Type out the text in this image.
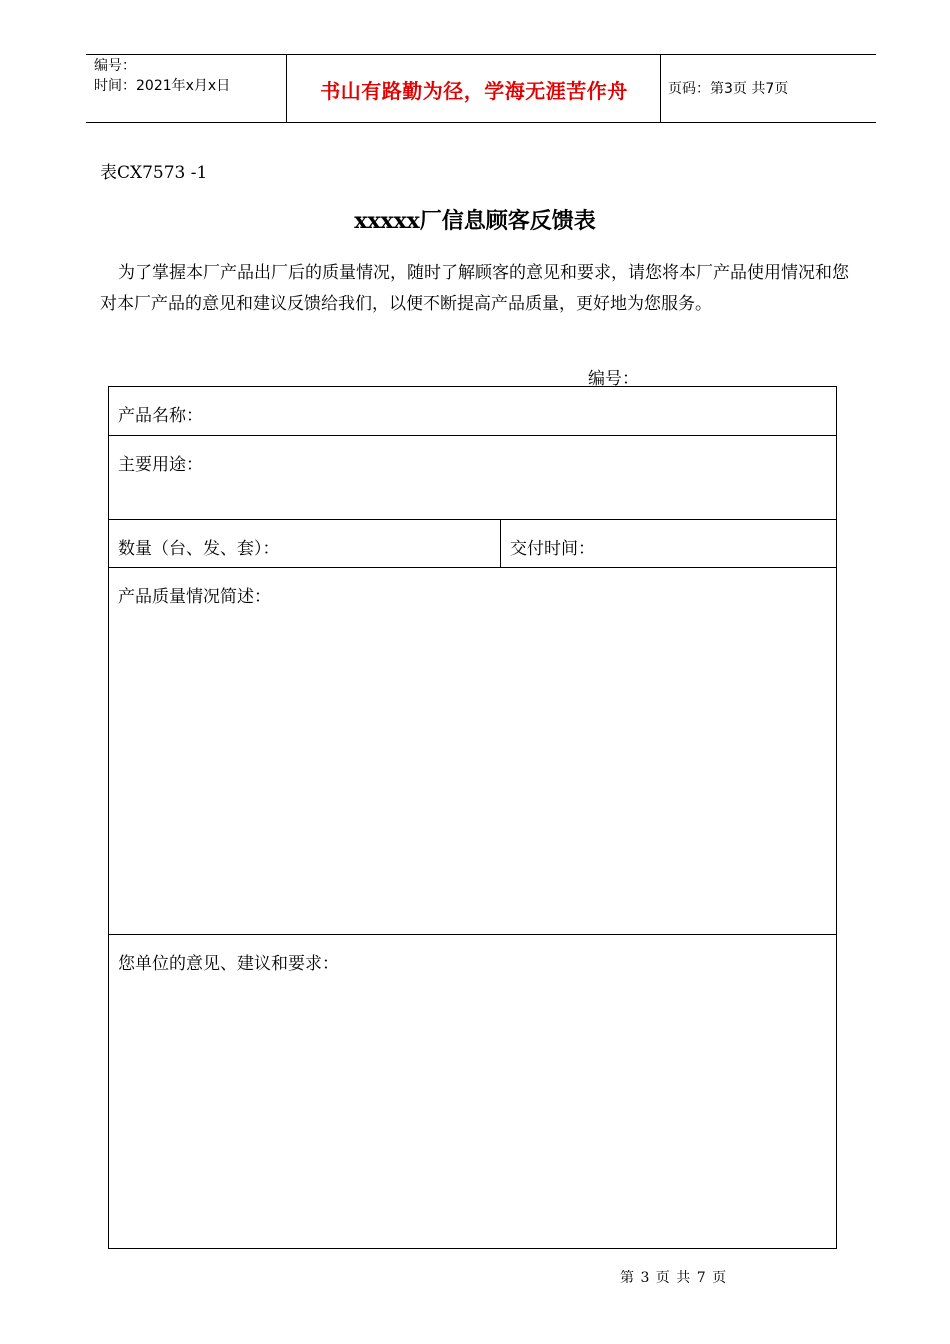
编号：
时间：2021年x月x日	书山有路勤为径，学海无涯苦作舟	页码：第3页 共7页
表CX7573 -1
xxxxx厂信息顾客反馈表
为了掌握本厂产品出厂后的质量情况，随时了解顾客的意见和要求，请您将本厂产品使用情况和您对本厂产品的意见和建议反馈给我们，以便不断提高产品质量，更好地为您服务。
编号：
产品名称：
主要用途：
数量（台、发、套）：	交付时间：
产品质量情况简述：
您单位的意见、建议和要求：
第 3 页 共 7 页
